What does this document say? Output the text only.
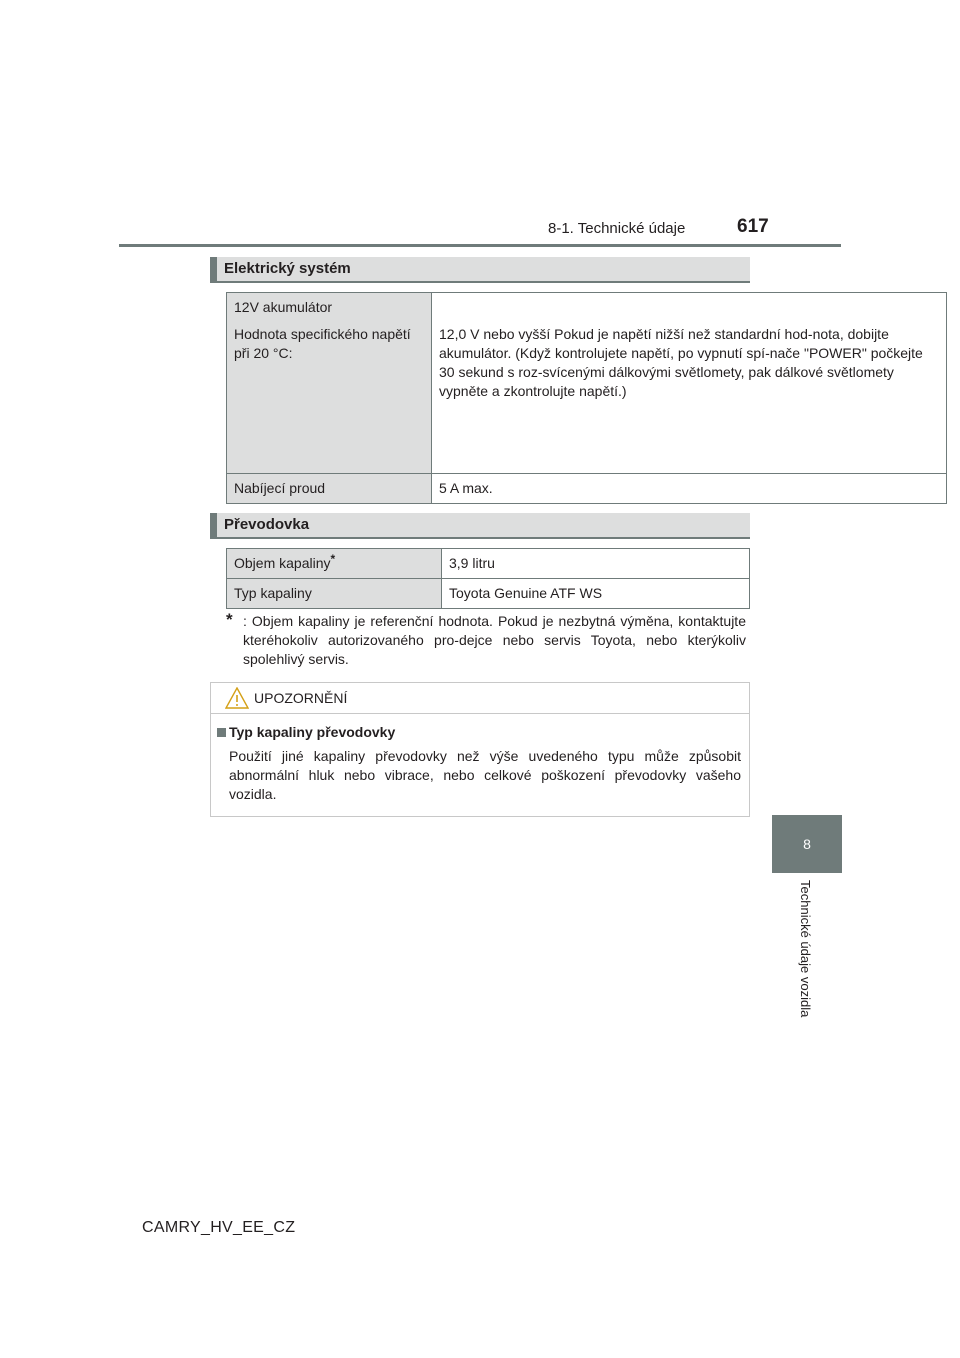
8-1. Technické údaje	617
8
Technické údaje vozidla
Elektrický systém

12V akumulátor

Hodnota specifického napětí při 20 °C:	12,0 V nebo vyšší Pokud je napětí nižší než standardní hod-nota, dobijte akumulátor. (Když kontrolujete napětí, po vypnutí spí-nače "POWER" počkejte 30 sekund s roz-svícenými dálkovými světlomety, pak dálkové světlomety vypněte a zkontrolujte napětí.)

Nabíjecí proud	5 A max.
Převodovka
Objem kapaliny*	3,9 litru

Typ kapaliny	Toyota Genuine ATF WS
* : Objem kapaliny je referenční hodnota. Pokud je nezbytná výměna, kontaktujte kteréhokoliv autorizovaného pro-dejce nebo servis Toyota, nebo kterýkoliv spolehlivý servis.
UPOZORNĚNÍ
Typ kapaliny převodovky
Použití jiné kapaliny převodovky než výše uvedeného typu může způsobit abnormální hluk nebo vibrace, nebo celkové poškození převodovky vašeho vozidla.
CAMRY_HV_EE_CZ
